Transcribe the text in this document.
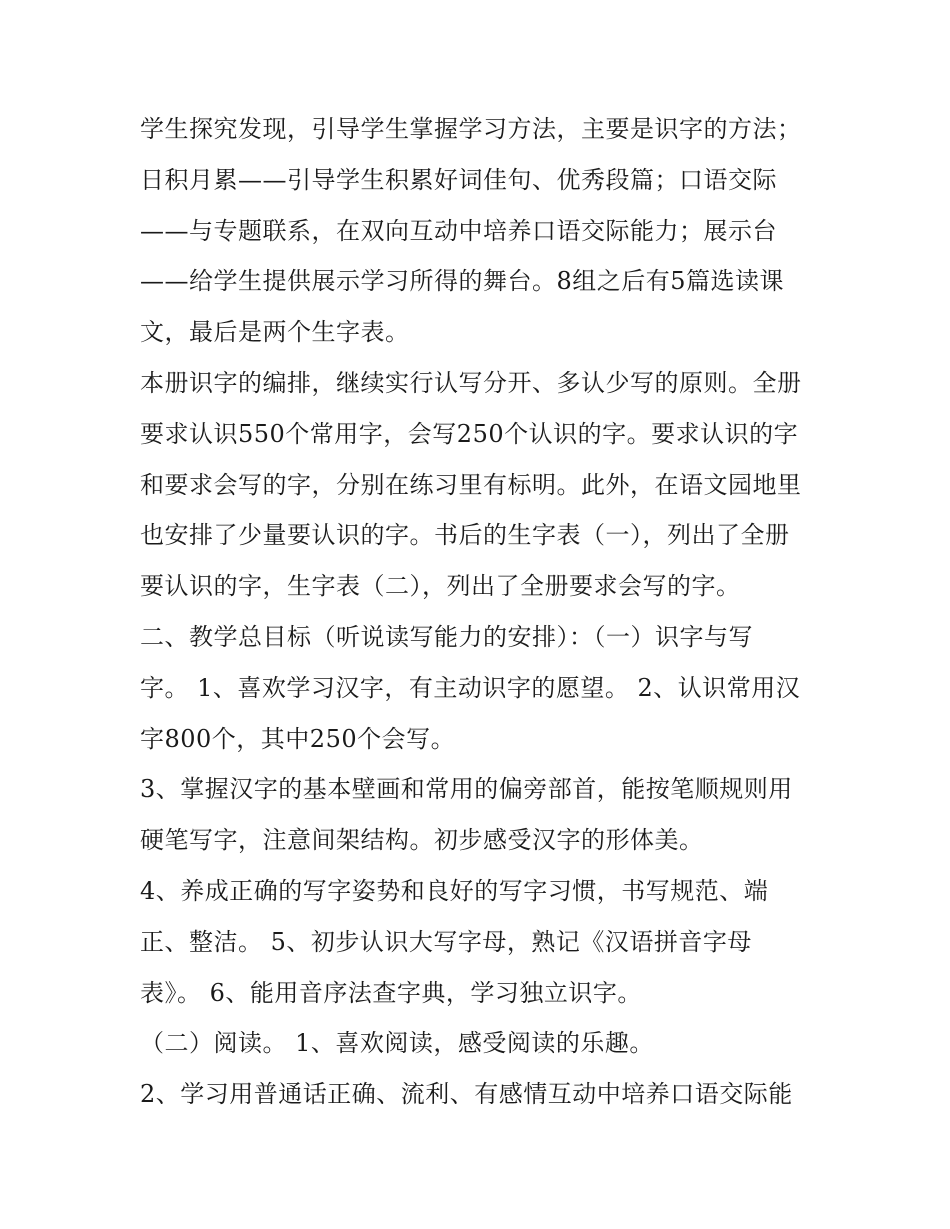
学生探究发现，引导学生掌握学习方法，主要是识字的方法；
日积月累——引导学生积累好词佳句、优秀段篇；口语交际
——与专题联系，在双向互动中培养口语交际能力；展示台
——给学生提供展示学习所得的舞台。8组之后有5篇选读课
文，最后是两个生字表。
本册识字的编排，继续实行认写分开、多认少写的原则。全册
要求认识550个常用字，会写250个认识的字。要求认识的字
和要求会写的字，分别在练习里有标明。此外，在语文园地里
也安排了少量要认识的字。书后的生字表（一），列出了全册
要认识的字，生字表（二），列出了全册要求会写的字。
二、教学总目标（听说读写能力的安排）：（一）识字与写
字。 1、喜欢学习汉字，有主动识字的愿望。 2、认识常用汉
字800个，其中250个会写。
3、掌握汉字的基本壁画和常用的偏旁部首，能按笔顺规则用
硬笔写字，注意间架结构。初步感受汉字的形体美。
4、养成正确的写字姿势和良好的写字习惯，书写规范、端
正、整洁。 5、初步认识大写字母，熟记《汉语拼音字母
表》。 6、能用音序法查字典，学习独立识字。
（二）阅读。 1、喜欢阅读，感受阅读的乐趣。
2、学习用普通话正确、流利、有感情互动中培养口语交际能
